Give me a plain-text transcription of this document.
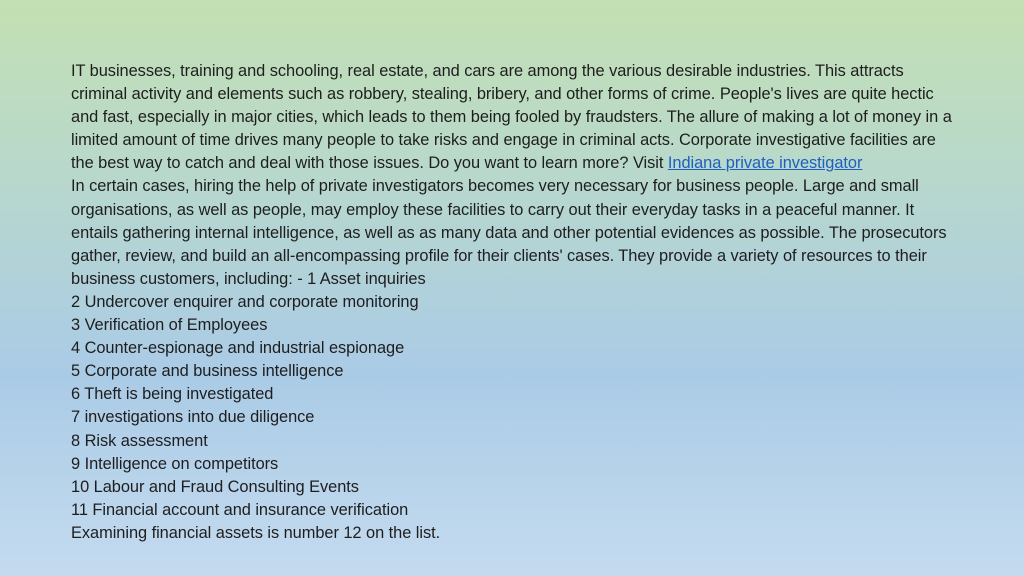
IT businesses, training and schooling, real estate, and cars are among the various desirable industries. This attracts criminal activity and elements such as robbery, stealing, bribery, and other forms of crime. People's lives are quite hectic and fast, especially in major cities, which leads to them being fooled by fraudsters. The allure of making a lot of money in a limited amount of time drives many people to take risks and engage in criminal acts. Corporate investigative facilities are the best way to catch and deal with those issues. Do you want to learn more? Visit Indiana private investigator

In certain cases, hiring the help of private investigators becomes very necessary for business people. Large and small organisations, as well as people, may employ these facilities to carry out their everyday tasks in a peaceful manner. It entails gathering internal intelligence, as well as as many data and other potential evidences as possible. The prosecutors gather, review, and build an all-encompassing profile for their clients' cases. They provide a variety of resources to their business customers, including: - 1 Asset inquiries

2 Undercover enquirer and corporate monitoring
3 Verification of Employees
4 Counter-espionage and industrial espionage
5 Corporate and business intelligence
6 Theft is being investigated
7 investigations into due diligence
8 Risk assessment
9 Intelligence on competitors
10 Labour and Fraud Consulting Events
11 Financial account and insurance verification

Examining financial assets is number 12 on the list.
